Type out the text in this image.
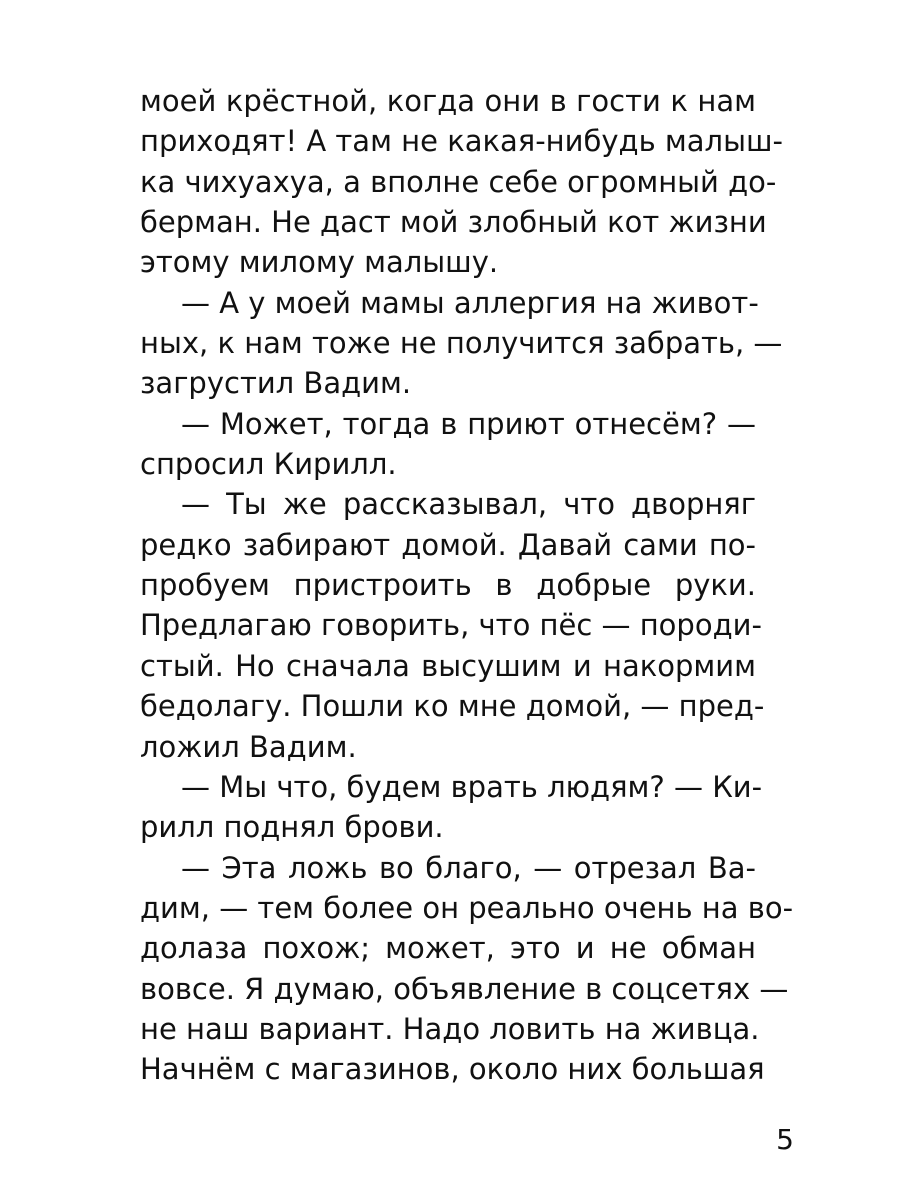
моей крёстной, когда они в гости к нам
приходят! А там не какая-нибудь малыш-
ка чихуахуа, а вполне себе огромный до-
берман. Не даст мой злобный кот жизни
этому милому малышу.
— А у моей мамы аллергия на живот-
ных, к нам тоже не получится забрать, —
загрустил Вадим.
— Может, тогда в приют отнесём? —
спросил Кирилл.
— Ты же рассказывал, что дворняг
редко забирают домой. Давай сами по-
пробуем пристроить в добрые руки.
Предлагаю говорить, что пёс — породи-
стый. Но сначала высушим и накормим
бедолагу. Пошли ко мне домой, — пред-
ложил Вадим.
— Мы что, будем врать людям? — Ки-
рилл поднял брови.
— Эта ложь во благо, — отрезал Ва-
дим, — тем более он реально очень на во-
долаза похож; может, это и не обман
вовсе. Я думаю, объявление в соцсетях —
не наш вариант. Надо ловить на живца.
Начнём с магазинов, около них большая
5
